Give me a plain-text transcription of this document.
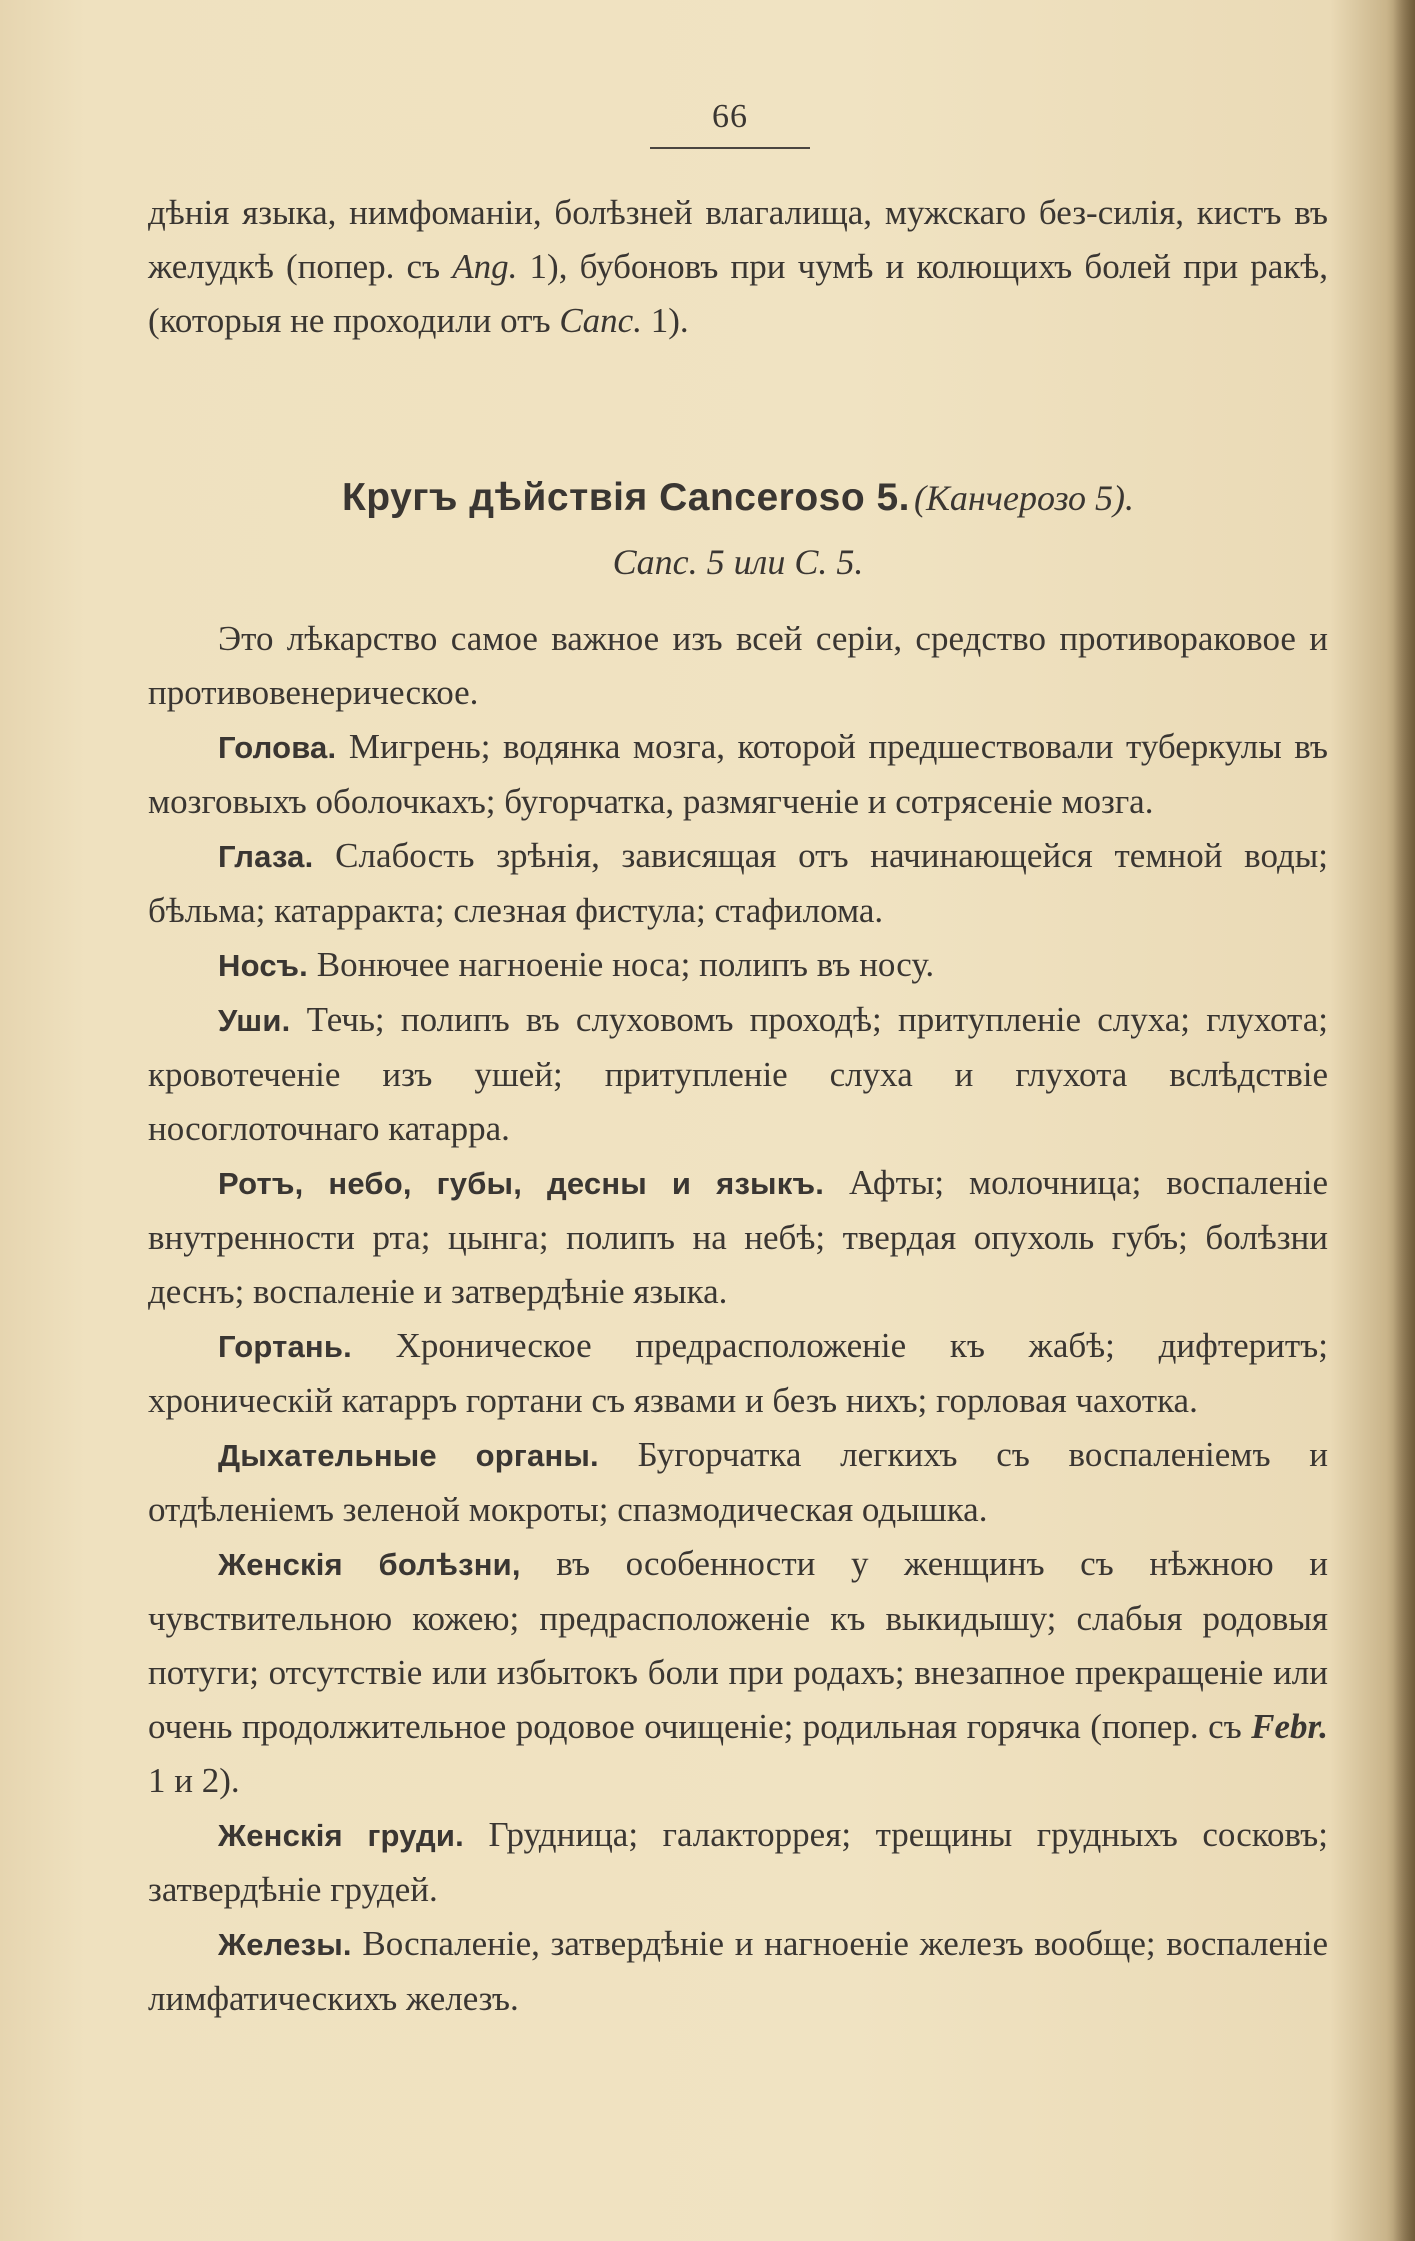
66

дѣнія языка, нимфоманіи, болѣзней влагалища, мужскаго без-силія, кистъ въ желудкѣ (попер. съ Ang. 1), бубоновъ при чумѣ и колющихъ болей при ракѣ, (которыя не проходили отъ Canc. 1).

Кругъ дѣйствія Cancerosо 5. (Канчерозо 5).
Canc. 5 или С. 5.

Это лѣкарство самое важное изъ всей серіи, средство противораковое и противовенерическое.

Голова. Мигрень; водянка мозга, которой предшествовали туберкулы въ мозговыхъ оболочкахъ; бугорчатка, размягченіе и сотрясеніе мозга.

Глаза. Слабость зрѣнія, зависящая отъ начинающейся темной воды; бѣльма; катарракта; слезная фистула; стафилома.

Носъ. Вонючее нагноеніе носа; полипъ въ носу.

Уши. Течь; полипъ въ слуховомъ проходѣ; притупленіе слуха; глухота; кровотеченіе изъ ушей; притупленіе слуха и глухота вслѣдствіе носоглоточнаго катарра.

Ротъ, небо, губы, десны и языкъ. Афты; молочница; воспаленіе внутренности рта; цынга; полипъ на небѣ; твердая опухоль губъ; болѣзни деснъ; воспаленіе и затвердѣніе языка.

Гортань. Хроническое предрасположеніе къ жабѣ; дифтеритъ; хроническій катарръ гортани съ язвами и безъ нихъ; горловая чахотка.

Дыхательные органы. Бугорчатка легкихъ съ воспаленіемъ и отдѣленіемъ зеленой мокроты; спазмодическая одышка.

Женскія болѣзни, въ особенности у женщинъ съ нѣжною и чувствительною кожею; предрасположеніе къ выкидышу; слабыя родовыя потуги; отсутствіе или избытокъ боли при родахъ; внезапное прекращеніе или очень продолжительное родовое очищеніе; родильная горячка (попер. съ Febr. 1 и 2).

Женскія груди. Грудница; галакторрея; трещины грудныхъ сосковъ; затвердѣніе грудей.

Железы. Воспаленіе, затвердѣніе и нагноеніе железъ вообще; воспаленіе лимфатическихъ железъ.
